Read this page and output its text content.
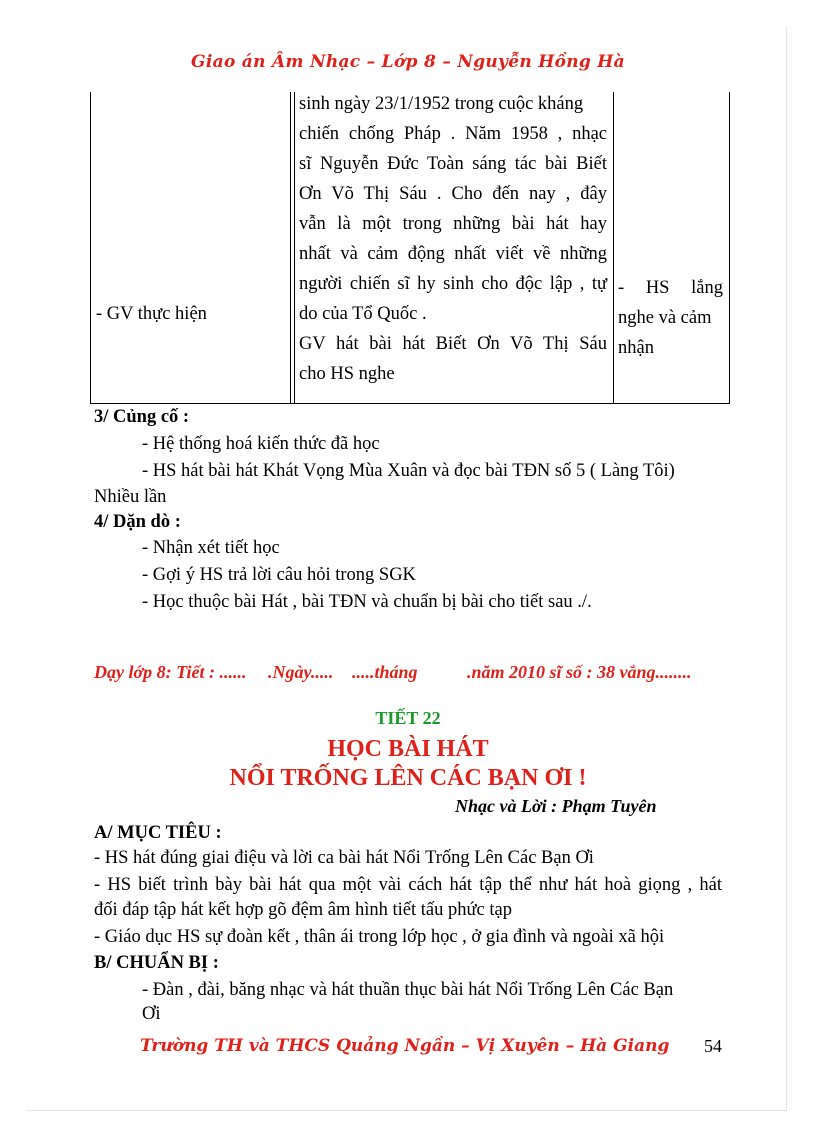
Giao án Âm Nhạc – Lớp 8 – Nguyễn Hồng Hà
- GV thực hiện
sinh ngày 23/1/1952 trong cuộc kháng
chiến chống Pháp . Năm 1958 , nhạc
sĩ Nguyễn Đức Toàn sáng tác bài Biết
Ơn Võ Thị Sáu . Cho đến nay , đây
vẫn là một trong những bài hát hay
nhất và cảm động nhất viết về những
người chiến sĩ hy sinh cho độc lập , tự
do của Tổ Quốc .
GV hát bài hát Biết Ơn Võ Thị Sáu
cho HS nghe
- HS lắng
nghe và cảm
nhận
3/ Củng cố :
- Hệ thống hoá kiến thức đã học
- HS hát bài hát Khát Vọng Mùa Xuân và đọc bài TĐN số 5 ( Làng Tôi)
Nhiều lần
4/ Dặn dò :
- Nhận xét tiết học
- Gợi ý HS trả lời câu hỏi trong SGK
- Học thuộc bài Hát , bài TĐN và chuẩn bị bài cho tiết sau ./.
Dạy lớp 8: Tiết : ...... .Ngày..... .....tháng	.năm 2010 sĩ số : 38 vắng........
TIẾT 22
HỌC BÀI HÁT
NỔI TRỐNG LÊN CÁC BẠN ƠI !
Nhạc và Lời : Phạm Tuyên
A/ MỤC TIÊU :
- HS hát đúng giai điệu và lời ca bài hát Nổi Trống Lên Các Bạn Ơi
- HS biết trình bày bài hát qua một vài cách hát tập thể như hát hoà giọng , hát
đối đáp tập hát kết hợp gõ đệm âm hình tiết tấu phức tạp
- Giáo dục HS sự đoàn kết , thân ái trong lớp học , ở gia đình và ngoài xã hội
B/ CHUẨN BỊ :
- Đàn , đài, băng nhạc và hát thuần thục bài hát Nổi Trống Lên Các Bạn
Ơi
Trường TH và THCS Quảng Ngần – Vị Xuyên – Hà Giang 54
